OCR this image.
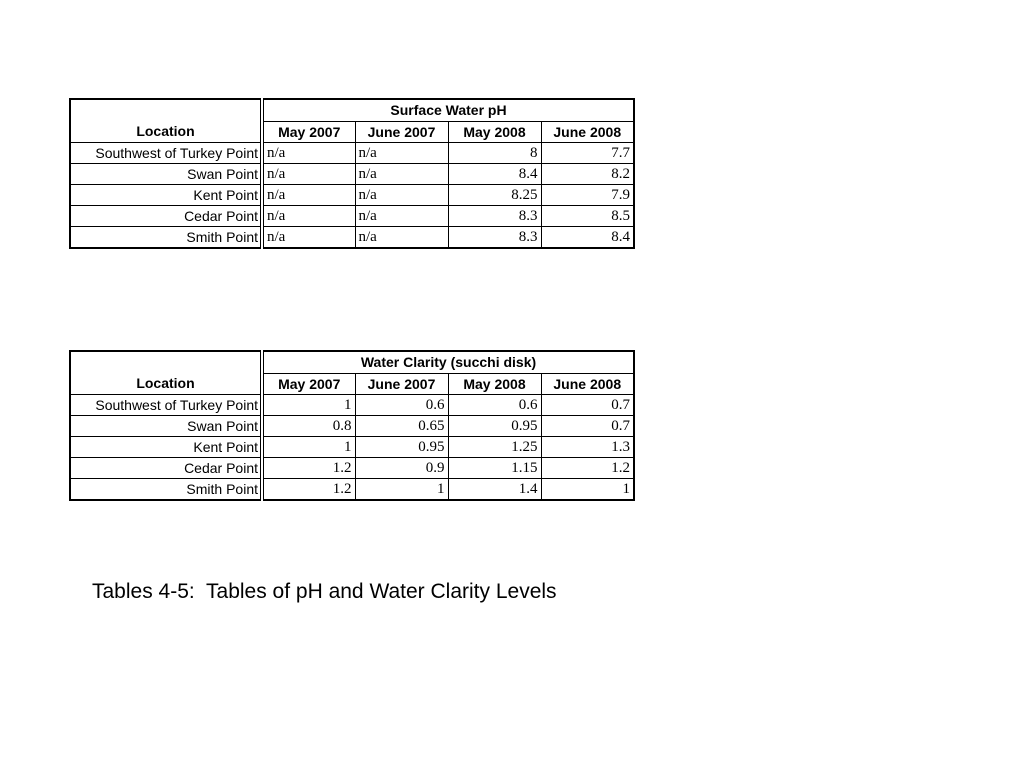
Location	Surface Water pH			
	May 2007	June 2007	May 2008	June 2008
Southwest of Turkey Point	n/a	n/a	8	7.7
Swan Point	n/a	n/a	8.4	8.2
Kent Point	n/a	n/a	8.25	7.9
Cedar Point	n/a	n/a	8.3	8.5
Smith Point	n/a	n/a	8.3	8.4
Location	Water Clarity (succhi disk)			
	May 2007	June 2007	May 2008	June 2008
Southwest of Turkey Point	1	0.6	0.6	0.7
Swan Point	0.8	0.65	0.95	0.7
Kent Point	1	0.95	1.25	1.3
Cedar Point	1.2	0.9	1.15	1.2
Smith Point	1.2	1	1.4	1

Tables 4-5:  Tables of pH and Water Clarity Levels
